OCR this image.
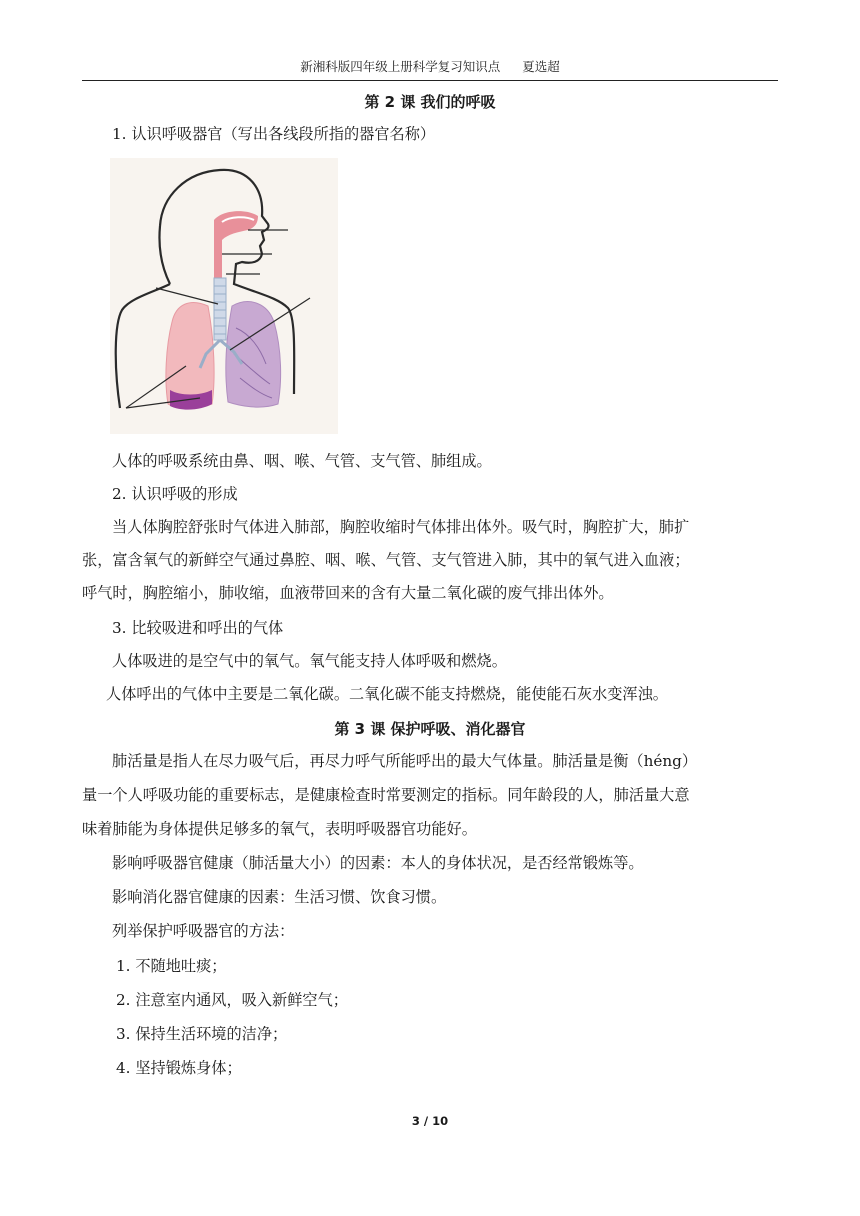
新湘科版四年级上册科学复习知识点 夏选超
第 2 课 我们的呼吸
1. 认识呼吸器官（写出各线段所指的器官名称）
人体的呼吸系统由鼻、咽、喉、气管、支气管、肺组成。
2. 认识呼吸的形成
当人体胸腔舒张时气体进入肺部，胸腔收缩时气体排出体外。吸气时，胸腔扩大，肺扩
张，富含氧气的新鲜空气通过鼻腔、咽、喉、气管、支气管进入肺，其中的氧气进入血液；
呼气时，胸腔缩小，肺收缩，血液带回来的含有大量二氧化碳的废气排出体外。
3. 比较吸进和呼出的气体
人体吸进的是空气中的氧气。氧气能支持人体呼吸和燃烧。
人体呼出的气体中主要是二氧化碳。二氧化碳不能支持燃烧，能使能石灰水变浑浊。
第 3 课 保护呼吸、消化器官
肺活量是指人在尽力吸气后，再尽力呼气所能呼出的最大气体量。肺活量是衡（héng）
量一个人呼吸功能的重要标志，是健康检查时常要测定的指标。同年龄段的人，肺活量大意
味着肺能为身体提供足够多的氧气，表明呼吸器官功能好。
影响呼吸器官健康（肺活量大小）的因素：本人的身体状况，是否经常锻炼等。
影响消化器官健康的因素：生活习惯、饮食习惯。
列举保护呼吸器官的方法：
1. 不随地吐痰；
2. 注意室内通风，吸入新鲜空气；
3. 保持生活环境的洁净；
4. 坚持锻炼身体；
3 / 10
